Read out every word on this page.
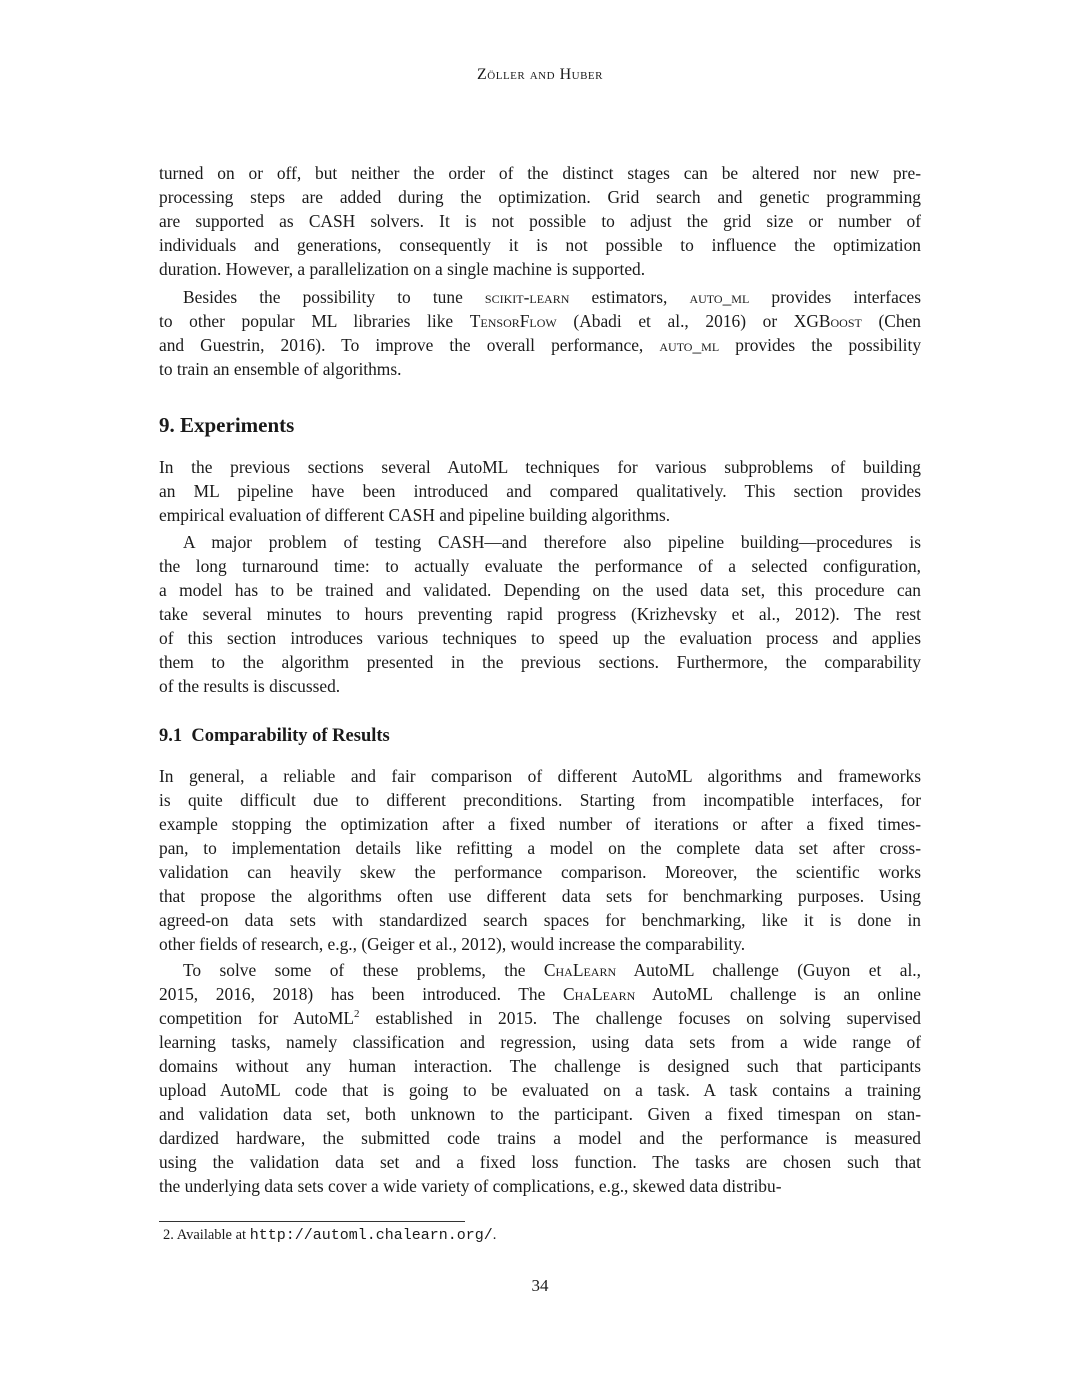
Zöller and Huber
turned on or off, but neither the order of the distinct stages can be altered nor new pre-
processing steps are added during the optimization. Grid search and genetic programming
are supported as CASH solvers. It is not possible to adjust the grid size or number of
individuals and generations, consequently it is not possible to influence the optimization
duration. However, a parallelization on a single machine is supported.
Besides the possibility to tune scikit-learn estimators, auto_ml provides interfaces
to other popular ML libraries like TensorFlow (Abadi et al., 2016) or XGBoost (Chen
and Guestrin, 2016). To improve the overall performance, auto_ml provides the possibility
to train an ensemble of algorithms.
9. Experiments
In the previous sections several AutoML techniques for various subproblems of building
an ML pipeline have been introduced and compared qualitatively. This section provides
empirical evaluation of different CASH and pipeline building algorithms.
A major problem of testing CASH—and therefore also pipeline building—procedures is
the long turnaround time: to actually evaluate the performance of a selected configuration,
a model has to be trained and validated. Depending on the used data set, this procedure can
take several minutes to hours preventing rapid progress (Krizhevsky et al., 2012). The rest
of this section introduces various techniques to speed up the evaluation process and applies
them to the algorithm presented in the previous sections. Furthermore, the comparability
of the results is discussed.
9.1  Comparability of Results
In general, a reliable and fair comparison of different AutoML algorithms and frameworks
is quite difficult due to different preconditions. Starting from incompatible interfaces, for
example stopping the optimization after a fixed number of iterations or after a fixed times-
pan, to implementation details like refitting a model on the complete data set after cross-
validation can heavily skew the performance comparison. Moreover, the scientific works
that propose the algorithms often use different data sets for benchmarking purposes. Using
agreed-on data sets with standardized search spaces for benchmarking, like it is done in
other fields of research, e.g., (Geiger et al., 2012), would increase the comparability.
To solve some of these problems, the ChaLearn AutoML challenge (Guyon et al.,
2015, 2016, 2018) has been introduced. The ChaLearn AutoML challenge is an online
competition for AutoML$^2$ established in 2015. The challenge focuses on solving supervised
learning tasks, namely classification and regression, using data sets from a wide range of
domains without any human interaction. The challenge is designed such that participants
upload AutoML code that is going to be evaluated on a task. A task contains a training
and validation data set, both unknown to the participant. Given a fixed timespan on stan-
dardized hardware, the submitted code trains a model and the performance is measured
using the validation data set and a fixed loss function. The tasks are chosen such that
the underlying data sets cover a wide variety of complications, e.g., skewed data distribu-
2. Available at http://automl.chalearn.org/.
34
